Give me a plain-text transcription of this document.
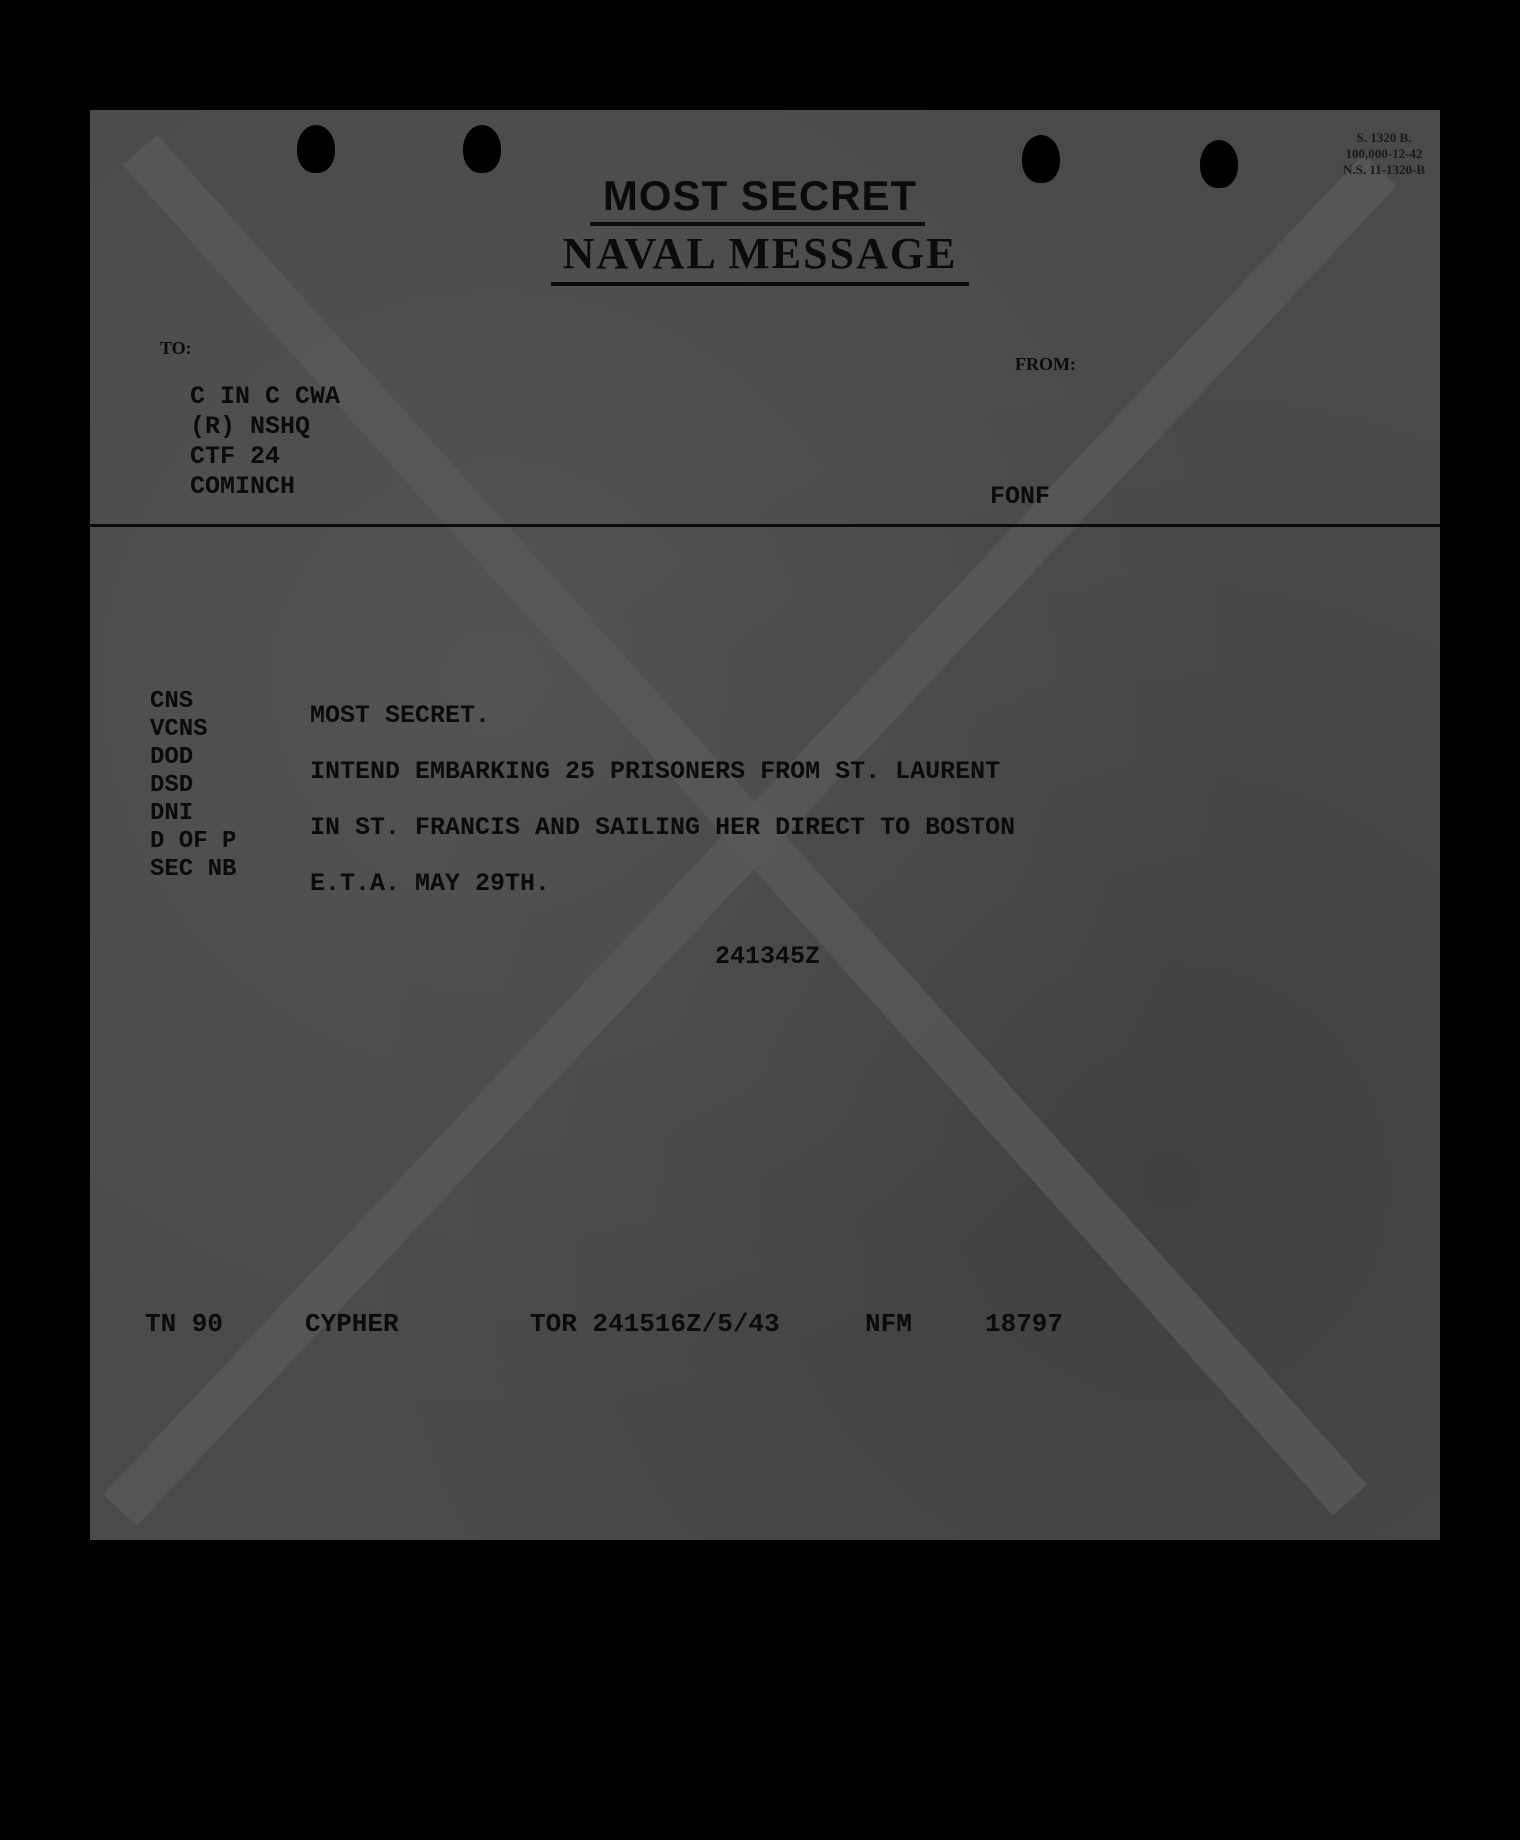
S. 1320 B.
100,000-12-42
N.S. 11-1320-B
MOST SECRET
NAVAL MESSAGE
TO:
FROM:
C IN C CWA
(R) NSHQ
CTF 24
COMINCH	FONF
CNS
VCNS
DOD
DSD
DNI
D OF P
SEC NB
MOST SECRET.
INTEND EMBARKING 25 PRISONERS FROM ST. LAURENT
IN ST. FRANCIS AND SAILING HER DIRECT TO BOSTON
E.T.A. MAY 29TH.
241345Z
TN 90	CYPHER	TOR 241516Z/5/43	NFM	18797
